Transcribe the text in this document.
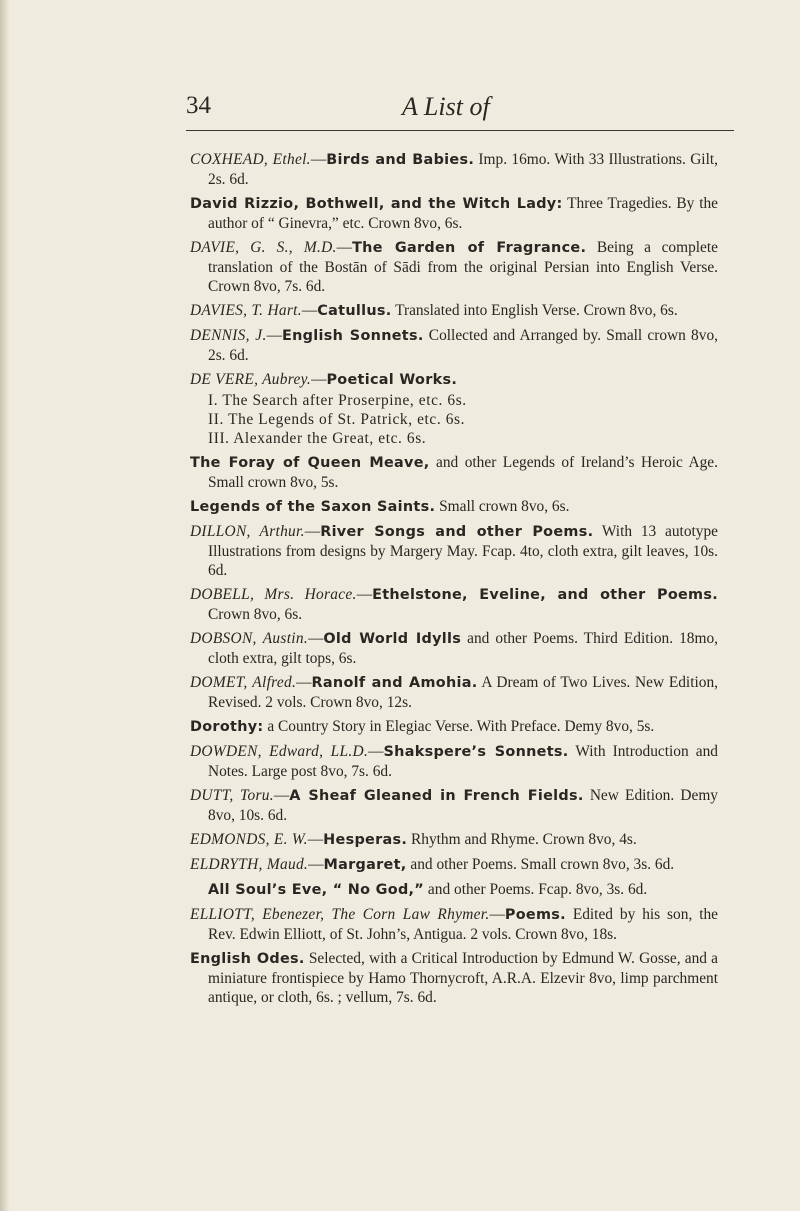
34	A List of

COXHEAD, Ethel.—Birds and Babies. Imp. 16mo. With 33 Illustrations. Gilt, 2s. 6d.

David Rizzio, Bothwell, and the Witch Lady: Three Tragedies. By the author of “ Ginevra,” etc. Crown 8vo, 6s.

DAVIE, G. S., M.D.—The Garden of Fragrance. Being a complete translation of the Bostān of Sādi from the original Persian into English Verse. Crown 8vo, 7s. 6d.

DAVIES, T. Hart.—Catullus. Translated into English Verse. Crown 8vo, 6s.

DENNIS, J.—English Sonnets. Collected and Arranged by. Small crown 8vo, 2s. 6d.

DE VERE, Aubrey.—Poetical Works.

I. The Search after Proserpine, etc. 6s.

II. The Legends of St. Patrick, etc. 6s.

III. Alexander the Great, etc. 6s.

The Foray of Queen Meave, and other Legends of Ireland’s Heroic Age. Small crown 8vo, 5s.

Legends of the Saxon Saints. Small crown 8vo, 6s.

DILLON, Arthur.—River Songs and other Poems. With 13 autotype Illustrations from designs by Margery May. Fcap. 4to, cloth extra, gilt leaves, 10s. 6d.

DOBELL, Mrs. Horace.—Ethelstone, Eveline, and other Poems. Crown 8vo, 6s.

DOBSON, Austin.—Old World Idylls and other Poems. Third Edition. 18mo, cloth extra, gilt tops, 6s.

DOMET, Alfred.—Ranolf and Amohia. A Dream of Two Lives. New Edition, Revised. 2 vols. Crown 8vo, 12s.

Dorothy: a Country Story in Elegiac Verse. With Preface. Demy 8vo, 5s.

DOWDEN, Edward, LL.D.—Shakspere’s Sonnets. With Introduction and Notes. Large post 8vo, 7s. 6d.

DUTT, Toru.—A Sheaf Gleaned in French Fields. New Edition. Demy 8vo, 10s. 6d.

EDMONDS, E. W.—Hesperas. Rhythm and Rhyme. Crown 8vo, 4s.

ELDRYTH, Maud.—Margaret, and other Poems. Small crown 8vo, 3s. 6d.

All Soul’s Eve, “ No God,” and other Poems. Fcap. 8vo, 3s. 6d.

ELLIOTT, Ebenezer, The Corn Law Rhymer.—Poems. Edited by his son, the Rev. Edwin Elliott, of St. John’s, Antigua. 2 vols. Crown 8vo, 18s.

English Odes. Selected, with a Critical Introduction by Edmund W. Gosse, and a miniature frontispiece by Hamo Thornycroft, A.R.A. Elzevir 8vo, limp parchment antique, or cloth, 6s. ; vellum, 7s. 6d.
